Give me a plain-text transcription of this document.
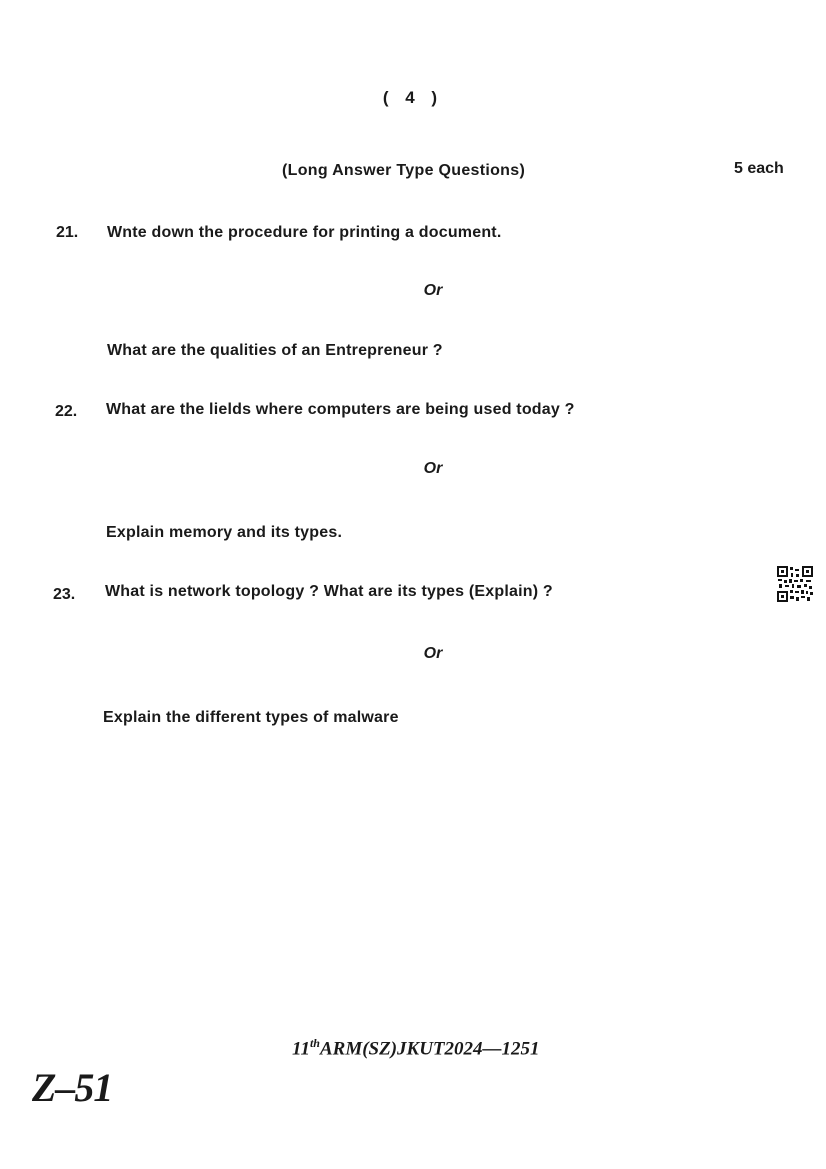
( 4 )
(Long Answer Type Questions)	5 each
21. Wnte down the procedure for printing a document.
Or
What are the qualities of an Entrepreneur ?
22. What are the lields where computers are being used today ?
Or
Explain memory and its types.
23. What is network topology ? What are its types (Explain) ?
Or
Explain the different types of malware
11thARM(SZ)JKUT2024—1251
Z–51
